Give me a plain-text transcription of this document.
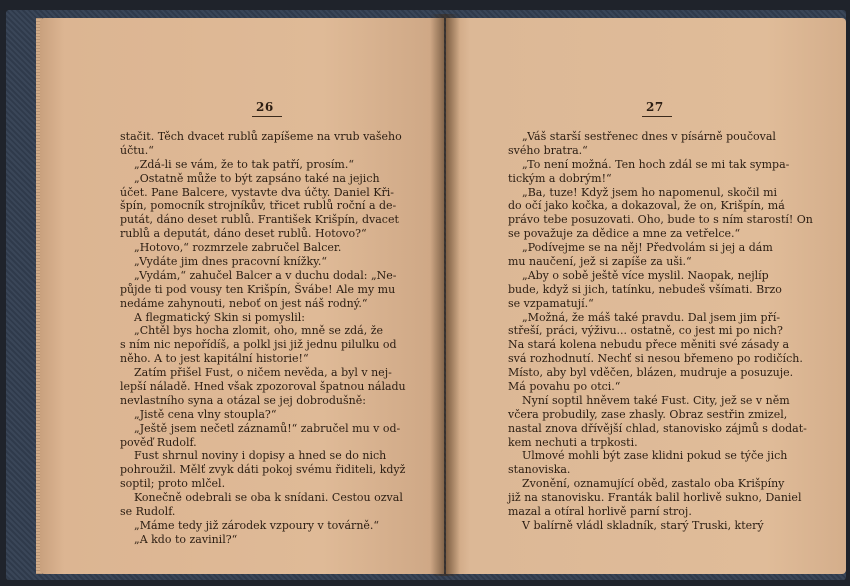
26
stačit. Těch dvacet rublů zapíšeme na vrub vašeho
účtu.“
„Zdá-li se vám, že to tak patří, prosím.“
„Ostatně může to být zapsáno také na jejich
účet. Pane Balcere, vystavte dva účty. Daniel Kři-
špín, pomocník strojníkův, třicet rublů roční a de-
putát, dáno deset rublů. František Krišpín, dvacet
rublů a deputát, dáno deset rublů. Hotovo?“
„Hotovo,“ rozmrzele zabručel Balcer.
„Vydáte jim dnes pracovní knížky.“
„Vydám,“ zahučel Balcer a v duchu dodal: „Ne-
půjde ti pod vousy ten Krišpín, Švábe! Ale my mu
nedáme zahynouti, neboť on jest náš rodný.“
A flegmatický Skin si pomyslil:
„Chtěl bys hocha zlomit, oho, mně se zdá, že
s ním nic nepořídíš, a polkl jsi již jednu pilulku od
něho. A to jest kapitální historie!“
Zatím přišel Fust, o ničem nevěda, a byl v nej-
lepší náladě. Hned však zpozoroval špatnou náladu
nevlastního syna a otázal se jej dobrodušně:
„Jistě cena vlny stoupla?“
„Ještě jsem nečetl záznamů!“ zabručel mu v od-
pověď Rudolf.
Fust shrnul noviny i dopisy a hned se do nich
pohroužil. Mělť zvyk dáti pokoj svému řiditeli, když
soptil; proto mlčel.
Konečně odebrali se oba k snídani. Cestou ozval
se Rudolf.
„Máme tedy již zárodek vzpoury v továrně.“
„A kdo to zavinil?“
27
„Váš starší sestřenec dnes v písárně poučoval
svého bratra.“
„To není možná. Ten hoch zdál se mi tak sympa-
tickým a dobrým!“
„Ba, tuze! Když jsem ho napomenul, skočil mi
do očí jako kočka, a dokazoval, že on, Krišpín, má
právo tebe posuzovati. Oho, bude to s ním starostí! On
se považuje za dědice a mne za vetřelce.“
„Podívejme se na něj! Předvolám si jej a dám
mu naučení, jež si zapíše za uši.“
„Aby o sobě ještě více myslil. Naopak, nejlíp
bude, když si jich, tatínku, nebudeš všímati. Brzo
se vzpamatují.“
„Možná, že máš také pravdu. Dal jsem jim pří-
střeší, práci, výživu... ostatně, co jest mi po nich?
Na stará kolena nebudu přece měniti své zásady a
svá rozhodnutí. Nechť si nesou břemeno po rodičích.
Místo, aby byl vděčen, blázen, mudruje a posuzuje.
Má povahu po otci.“
Nyní soptil hněvem také Fust. City, jež se v něm
včera probudily, zase zhasly. Obraz sestřin zmizel,
nastal znova dřívější chlad, stanovisko zájmů s dodat-
kem nechuti a trpkosti.
Ulmové mohli být zase klidni pokud se týče jich
stanoviska.
Zvonění, oznamující oběd, zastalo oba Krišpíny
již na stanovisku. Franták balil horlivě sukno, Daniel
mazal a otíral horlivě parní stroj.
V balírně vládl skladník, starý Truski, který
